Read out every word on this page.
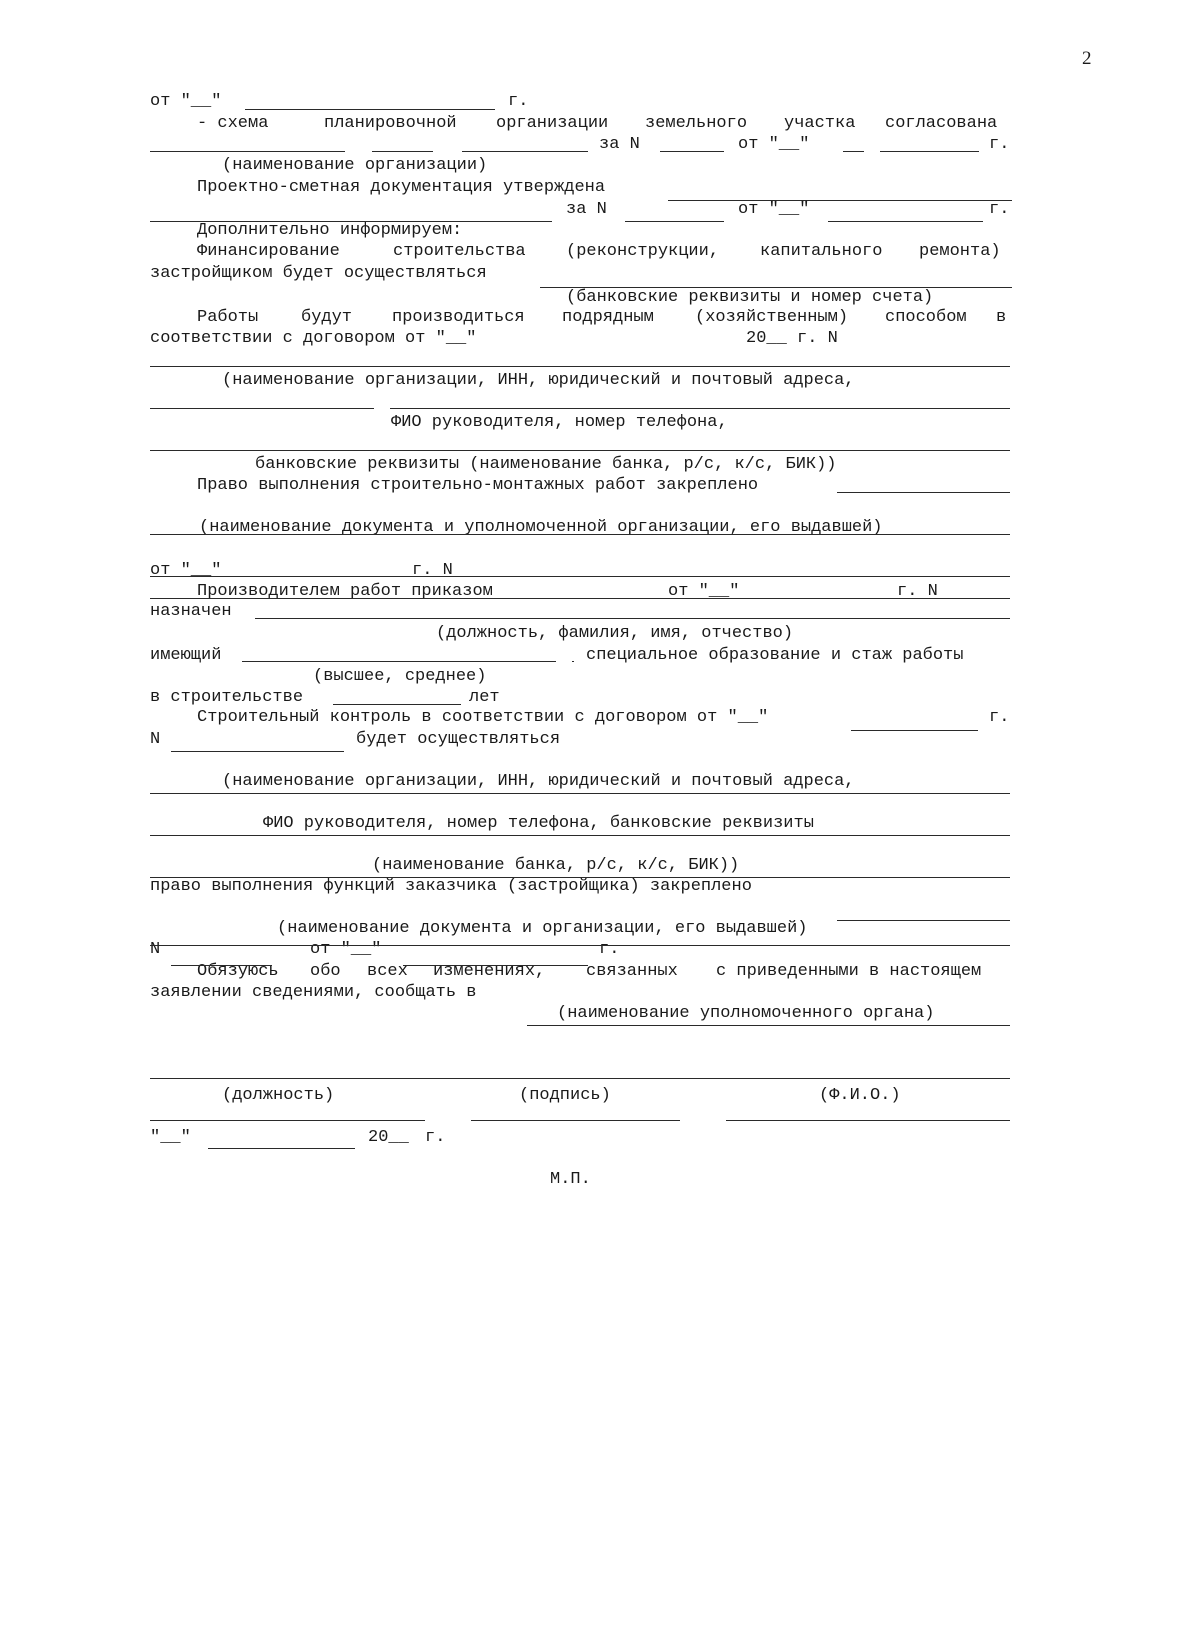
2
от "__"	г.
- схема	планировочной организации земельного участка согласована
за N	от "__"	г.
(наименование организации)
Проектно-сметная документация утверждена
за N	от "__"	г.
Дополнительно информируем:
Финансирование	строительства (реконструкции, капитального ремонта)
застройщиком будет осуществляться
(банковские реквизиты и номер счета)
Работы	будут производиться подрядным (хозяйственным) способом в
соответствии с договором от "__"	20__ г. N
(наименование организации, ИНН, юридический и почтовый адреса,
ФИО руководителя, номер телефона,
банковские реквизиты (наименование банка, р/с, к/с, БИК))
Право выполнения строительно-монтажных работ закреплено
(наименование документа и уполномоченной организации, его выдавшей)
от "__"	г. N
Производителем работ приказом	от "__"	г. N
назначен
(должность, фамилия, имя, отчество)
имеющий	специальное образование и стаж работы
(высшее, среднее)
в строительстве	лет
Строительный контроль в соответствии с договором от "__"	г.
N	будет осуществляться
(наименование организации, ИНН, юридический и почтовый адреса,
ФИО руководителя, номер телефона, банковские реквизиты
(наименование банка, р/с, к/с, БИК))
право выполнения функций заказчика (застройщика) закреплено
(наименование документа и организации, его выдавшей)
N	от "__"	г.
Обязуюсь обо всех изменениях, связанных с приведенными в настоящем
заявлении сведениями, сообщать в
(наименование уполномоченного органа)
(должность)	(подпись)	(Ф.И.О.)
"__"	20__ г.
М.П.
